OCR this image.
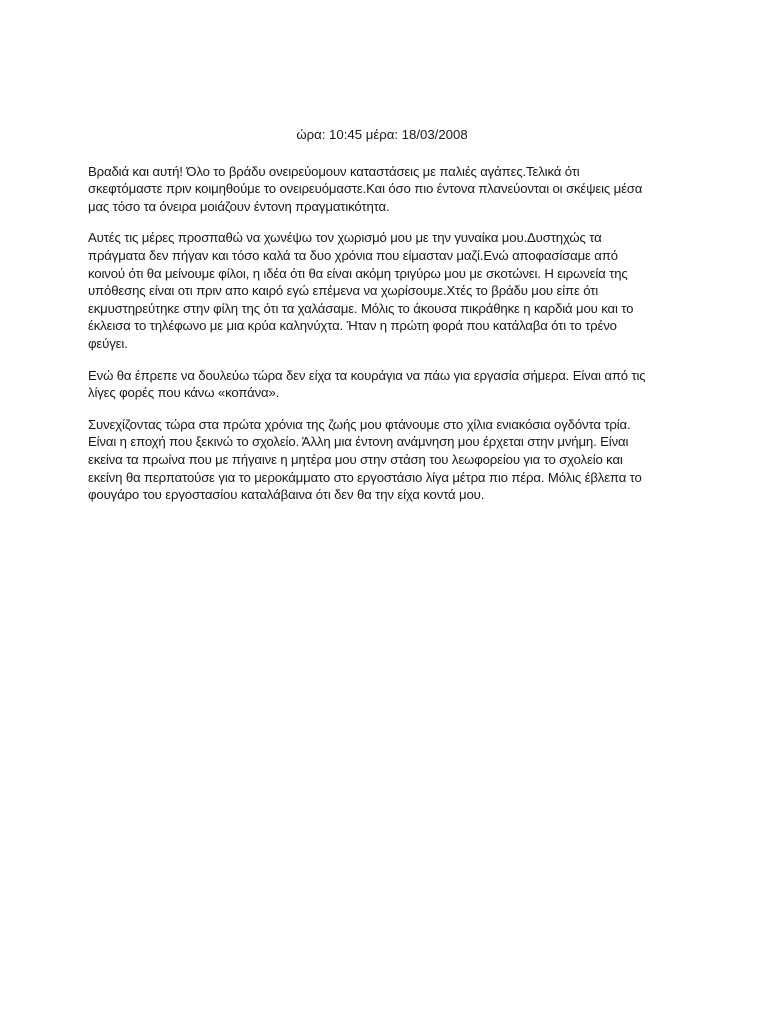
ώρα: 10:45 μέρα: 18/03/2008
Βραδιά και αυτή! Όλο το βράδυ ονειρεύομουν καταστάσεις με παλιές αγάπες.Τελικά ότι
σκεφτόμαστε πριν κοιμηθούμε το ονειρευόμαστε.Και όσο πιο έντονα πλανεύονται οι σκέψεις μέσα
μας τόσο τα όνειρα μοιάζουν έντονη πραγματικότητα.
Αυτές τις μέρες προσπαθώ να χωνέψω τον χωρισμό μου με την γυναίκα μου.Δυστηχώς τα
πράγματα δεν πήγαν και τόσο καλά τα δυο χρόνια που είμασταν μαζί.Ενώ αποφασίσαμε από
κοινού ότι θα μείνουμε φίλοι, η ιδέα ότι θα είναι ακόμη τριγύρω μου με σκοτώνει. Η ειρωνεία της
υπόθεσης είναι οτι πριν απο καιρό εγώ επέμενα να χωρίσουμε.Χτές το βράδυ μου είπε ότι
εκμυστηρεύτηκε στην φίλη της ότι τα χαλάσαμε. Μόλις το άκουσα πικράθηκε η καρδιά μου και το
έκλεισα το τηλέφωνο με μια κρύα καληνύχτα. Ήταν η πρώτη φορά που κατάλαβα ότι το τρένο
φεύγει.
Ενώ θα έπρεπε να δουλεύω τώρα δεν είχα τα κουράγια να πάω για εργασία σήμερα. Είναι από τις
λίγες φορές που κάνω «κοπάνα».
Συνεχίζοντας τώρα στα πρώτα χρόνια της ζωής μου φτάνουμε στο χίλια ενιακόσια ογδόντα τρία.
Είναι η εποχή που ξεκινώ το σχολείο. Άλλη μια έντονη ανάμνηση μου έρχεται στην μνήμη. Είναι
εκείνα τα πρωίνα που με πήγαινε η μητέρα μου στην στάση του λεωφορείου για το σχολείο και
εκείνη θα περπατούσε για το μεροκάμματο στο εργοστάσιο λίγα μέτρα πιο πέρα. Μόλις έβλεπα το
φουγάρο του εργοστασίου καταλάβαινα ότι δεν θα την είχα κοντά μου.
